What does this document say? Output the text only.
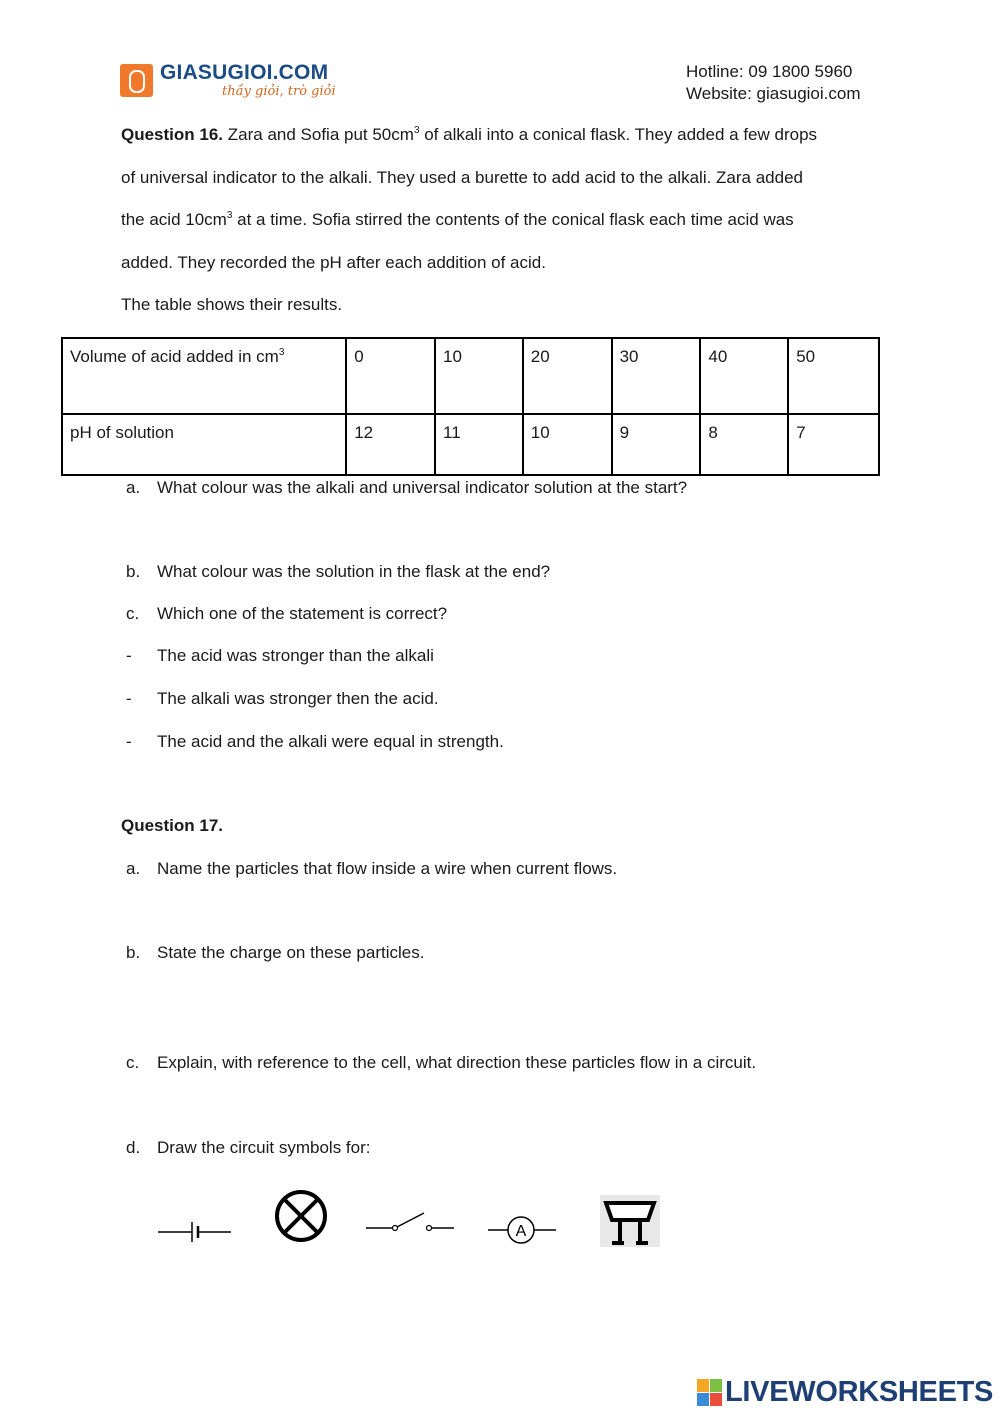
GIASUGIOI.COM
thầy giỏi, trò giỏi
Hotline: 09 1800 5960
Website: giasugioi.com
Question 16. Zara and Sofia put $50cm^3$ of alkali into a conical flask. They added a few drops
of universal indicator to the alkali. They used a burette to add acid to the alkali. Zara added
the acid $10cm^3$ at a time. Sofia stirred the contents of the conical flask each time acid was
added. They recorded the pH after each addition of acid.
The table shows their results.
Volume of acid added in $cm^3$	0	10	20	30	40	50
pH of solution	12	11	10	9	8	7
a. What colour was the alkali and universal indicator solution at the start?
b. What colour was the solution in the flask at the end?
c. Which one of the statement is correct?
- The acid was stronger than the alkali
- The alkali was stronger then the acid.
- The acid and the alkali were equal in strength.
Question 17.
a. Name the particles that flow inside a wire when current flows.
b. State the charge on these particles.
c. Explain, with reference to the cell, what direction these particles flow in a circuit.
d. Draw the circuit symbols for:
A
LIVEWORKSHEETS
